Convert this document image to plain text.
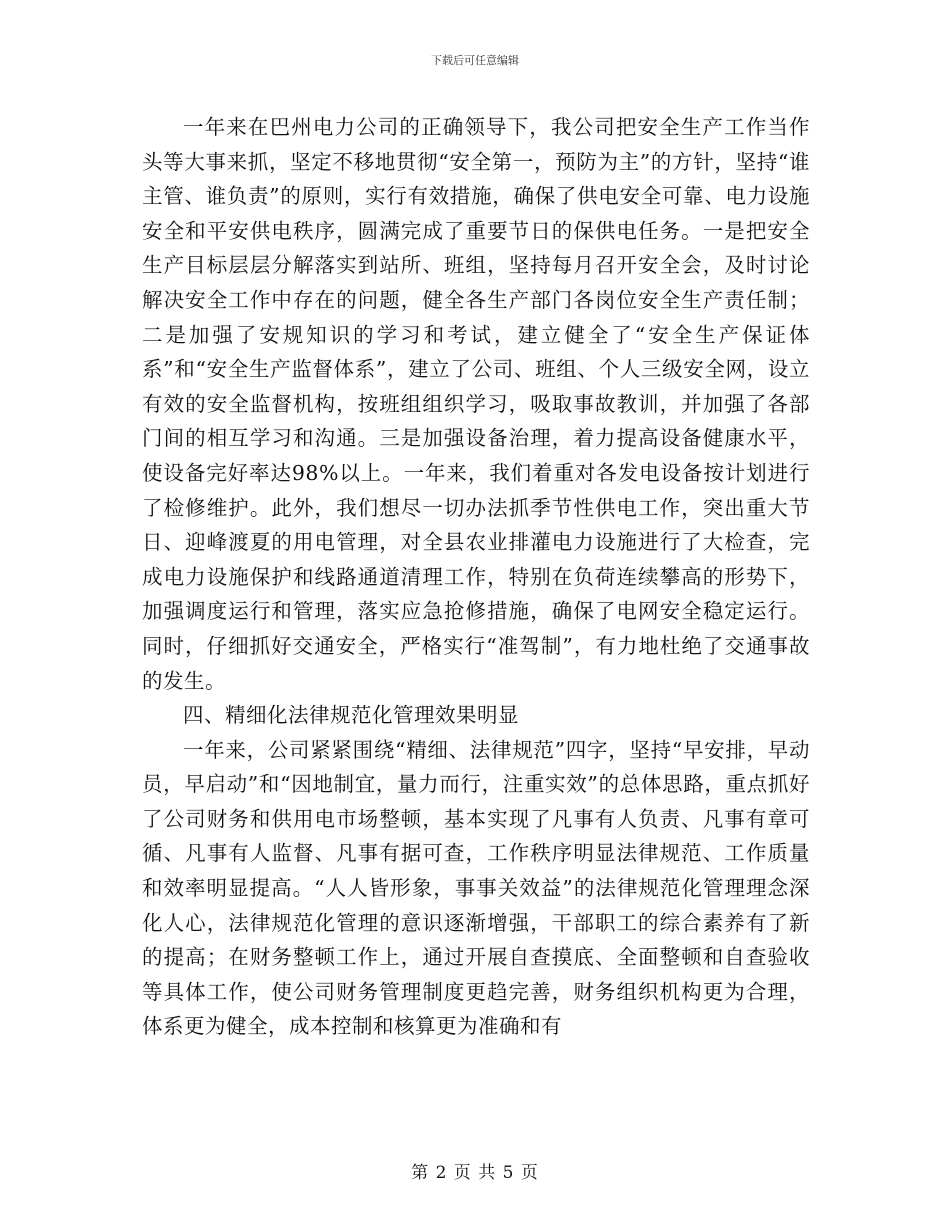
下载后可任意编辑

一年来在巴州电力公司的正确领导下，我公司把安全生产工作当作头等大事来抓，坚定不移地贯彻“安全第一，预防为主”的方针，坚持“谁主管、谁负责”的原则，实行有效措施，确保了供电安全可靠、电力设施安全和平安供电秩序，圆满完成了重要节日的保供电任务。一是把安全生产目标层层分解落实到站所、班组，坚持每月召开安全会，及时讨论解决安全工作中存在的问题，健全各生产部门各岗位安全生产责任制；二是加强了安规知识的学习和考试，建立健全了“安全生产保证体系”和“安全生产监督体系”，建立了公司、班组、个人三级安全网，设立有效的安全监督机构，按班组组织学习，吸取事故教训，并加强了各部门间的相互学习和沟通。三是加强设备治理，着力提高设备健康水平，使设备完好率达98%以上。一年来，我们着重对各发电设备按计划进行了检修维护。此外，我们想尽一切办法抓季节性供电工作，突出重大节日、迎峰渡夏的用电管理，对全县农业排灌电力设施进行了大检查，完成电力设施保护和线路通道清理工作，特别在负荷连续攀高的形势下，加强调度运行和管理，落实应急抢修措施，确保了电网安全稳定运行。同时，仔细抓好交通安全，严格实行“准驾制”，有力地杜绝了交通事故的发生。

四、精细化法律规范化管理效果明显

一年来，公司紧紧围绕“精细、法律规范”四字，坚持“早安排，早动员，早启动”和“因地制宜，量力而行，注重实效”的总体思路，重点抓好了公司财务和供用电市场整顿，基本实现了凡事有人负责、凡事有章可循、凡事有人监督、凡事有据可查，工作秩序明显法律规范、工作质量和效率明显提高。“人人皆形象，事事关效益”的法律规范化管理理念深化人心，法律规范化管理的意识逐渐增强，干部职工的综合素养有了新的提高；在财务整顿工作上，通过开展自查摸底、全面整顿和自查验收等具体工作，使公司财务管理制度更趋完善，财务组织机构更为合理，体系更为健全，成本控制和核算更为准确和有

第 2 页 共 5 页
